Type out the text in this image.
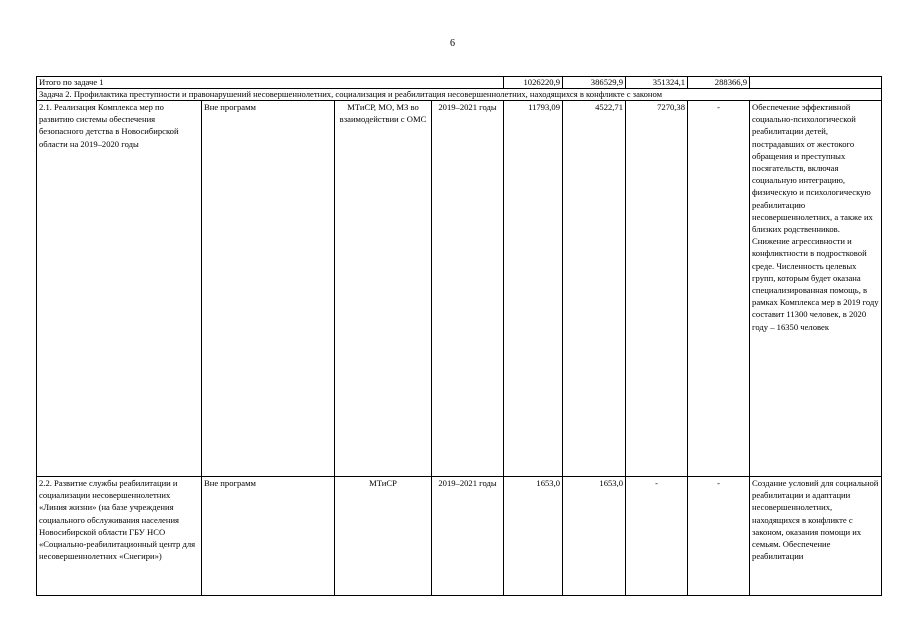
6
Итого по задаче 1				1026220,9	386529,9	351324,1	288366,9	
Задача 2. Профилактика преступности и правонарушений несовершеннолетних, социализация и реабилитация несовершеннолетних, находящихся в конфликте с законом								
2.1. Реализация Комплекса мер по развитию системы обеспечения безопасного детства в Новосибирской области на 2019–2020 годы	Вне программ	МТиСР, МО, МЗ во взаимодействии с ОМС	2019–2021 годы	11793,09	4522,71	7270,38	-	Обеспечение эффективной социально-психологической реабилитации детей, пострадавших от жестокого обращения и преступных посягательств, включая социальную интеграцию, физическую и психологическую реабилитацию несовершеннолетних, а также их близких родственников. Снижение агрессивности и конфликтности в подростковой среде. Численность целевых групп, которым будет оказана специализированная помощь, в рамках Комплекса мер в 2019 году составит 11300 человек, в 2020 году – 16350 человек
2.2. Развитие службы реабилитации и социализации несовершеннолетних «Линия жизни» (на базе учреждения социального обслуживания населения Новосибирской области ГБУ НСО «Социально-реабилитационный центр для несовершеннолетних «Снегири»)	Вне программ	МТиСР	2019–2021 годы	1653,0	1653,0	-	-	Создание условий для социальной реабилитации и адаптации несовершеннолетних, находящихся в конфликте с законом, оказания помощи их семьям. Обеспечение реабилитации
